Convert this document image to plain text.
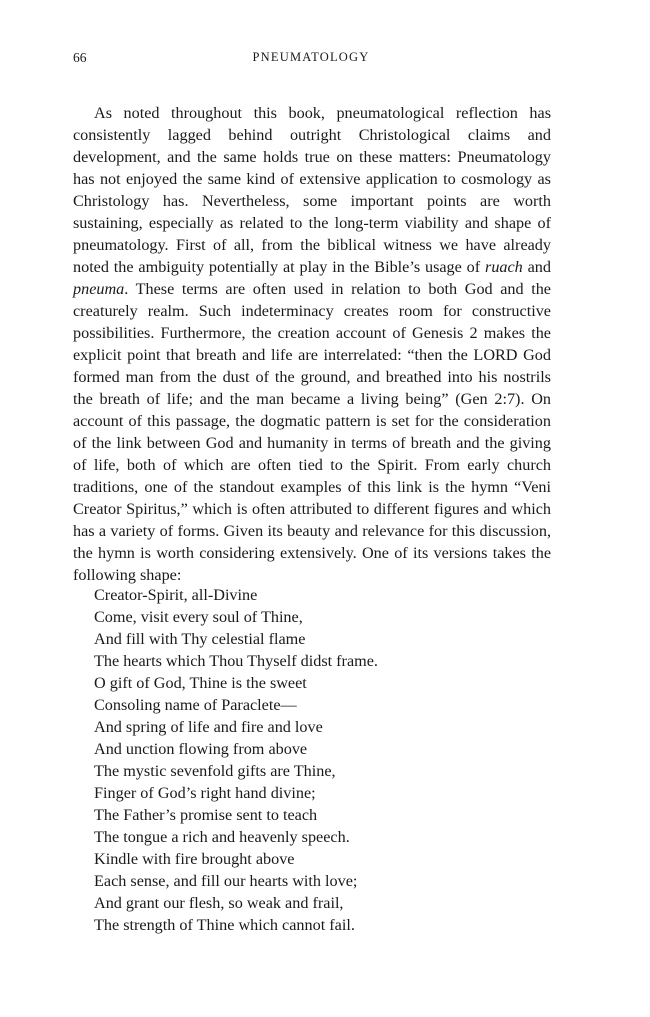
66	PNEUMATOLOGY

As noted throughout this book, pneumatological reflection has consistently lagged behind outright Christological claims and development, and the same holds true on these matters: Pneumatology has not enjoyed the same kind of extensive application to cosmology as Christology has. Nevertheless, some important points are worth sustaining, especially as related to the long-term viability and shape of pneumatology. First of all, from the biblical witness we have already noted the ambiguity potentially at play in the Bible’s usage of ruach and pneuma. These terms are often used in relation to both God and the creaturely realm. Such indeterminacy creates room for constructive possibilities. Furthermore, the creation account of Genesis 2 makes the explicit point that breath and life are interrelated: “then the LORD God formed man from the dust of the ground, and breathed into his nostrils the breath of life; and the man became a living being” (Gen 2:7). On account of this passage, the dogmatic pattern is set for the consideration of the link between God and humanity in terms of breath and the giving of life, both of which are often tied to the Spirit. From early church traditions, one of the standout examples of this link is the hymn “Veni Creator Spiritus,” which is often attributed to different figures and which has a variety of forms. Given its beauty and relevance for this discussion, the hymn is worth considering extensively. One of its versions takes the following shape:

Creator-Spirit, all-Divine
Come, visit every soul of Thine,
And fill with Thy celestial flame
The hearts which Thou Thyself didst frame.
O gift of God, Thine is the sweet
Consoling name of Paraclete—
And spring of life and fire and love
And unction flowing from above
The mystic sevenfold gifts are Thine,
Finger of God’s right hand divine;
The Father’s promise sent to teach
The tongue a rich and heavenly speech.
Kindle with fire brought above
Each sense, and fill our hearts with love;
And grant our flesh, so weak and frail,
The strength of Thine which cannot fail.
